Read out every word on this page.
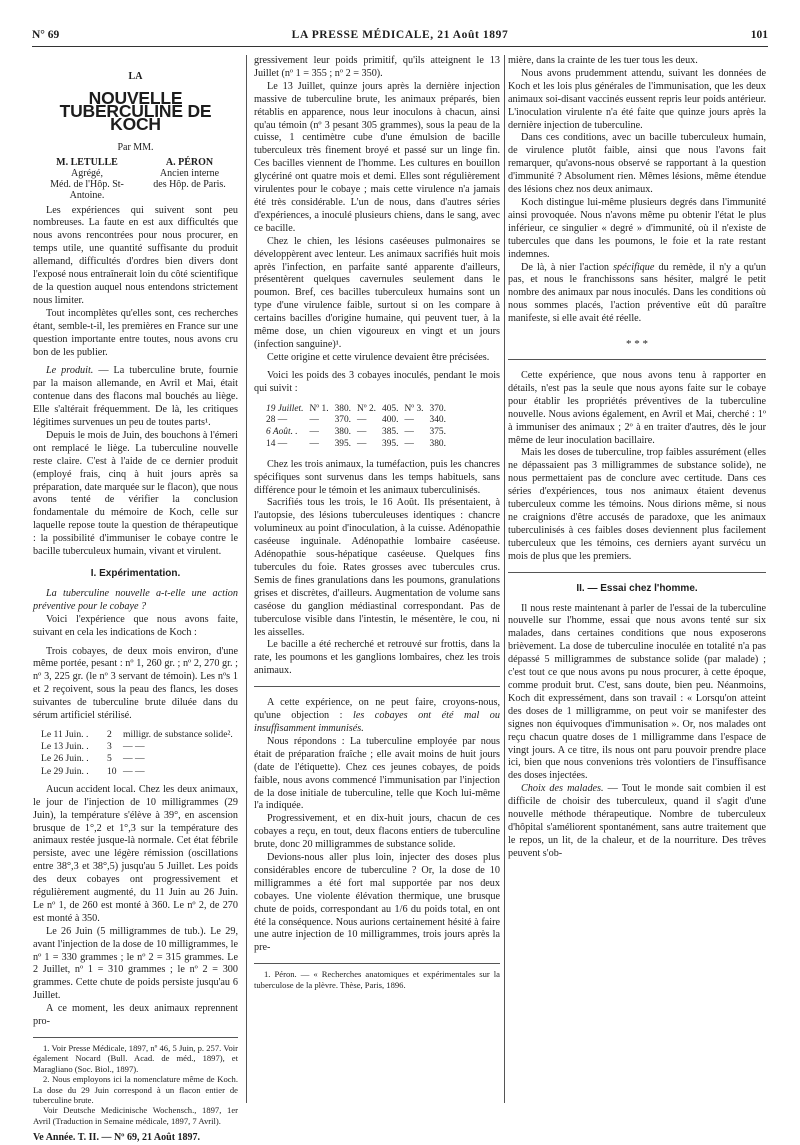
N° 69	LA PRESSE MÉDICALE, 21 Août 1897	101
LA
NOUVELLE TUBERCULINE DE KOCH
Par MM.
M. LETULLE
Agrégé,
Méd. de l'Hôp. St-Antoine.
A. PÉRON
Ancien interne
des Hôp. de Paris.

Les expériences qui suivent sont peu nombreuses. La faute en est aux difficultés que nous avons rencontrées pour nous procurer, en temps utile, une quantité suffisante du produit allemand, difficultés d'ordres bien divers dont l'exposé nous entraînerait loin du côté scientifique de la question auquel nous entendons strictement nous limiter.

Tout incomplètes qu'elles sont, ces recherches étant, semble-t-il, les premières en France sur une question importante entre toutes, nous avons cru bon de les publier.

Le produit. — La tuberculine brute, fournie par la maison allemande, en Avril et Mai, était contenue dans des flacons mal bouchés au liège. Elle s'altérait fréquemment. De là, les critiques légitimes survenues un peu de toutes parts¹.

Depuis le mois de Juin, des bouchons à l'émeri ont remplacé le liège. La tuberculine nouvelle reste claire. C'est à l'aide de ce dernier produit (employé frais, cinq à huit jours après sa préparation, date marquée sur le flacon), que nous avons tenté de vérifier la conclusion fondamentale du mémoire de Koch, celle sur laquelle repose toute la question de thérapeutique : la possibilité d'immuniser le cobaye contre le bacille tuberculeux humain, vivant et virulent.

I. Expérimentation.

La tuberculine nouvelle a-t-elle une action préventive pour le cobaye ?

Voici l'expérience que nous avons faite, suivant en cela les indications de Koch :

Trois cobayes, de deux mois environ, d'une même portée, pesant : nº 1, 260 gr. ; nº 2, 270 gr. ; nº 3, 225 gr. (le nº 3 servant de témoin). Les nºs 1 et 2 reçoivent, sous la peau des flancs, les doses suivantes de tuberculine brute diluée dans du sérum artificiel stérilisé.

Le 11 Juin. . 2 milligr. de substance solide².
Le 13 Juin. . 3 — —
Le 26 Juin. . 5 — —
Le 29 Juin. . 10 — —

Aucun accident local. Chez les deux animaux, le jour de l'injection de 10 milligrammes (29 Juin), la température s'élève à 39°, en ascension brusque de 1°,2 et 1°,3 sur la température des animaux restée jusque-là normale. Cet état fébrile persiste, avec une légère rémission (oscillations entre 38°,3 et 38°,5) jusqu'au 5 Juillet. Les poids des deux cobayes ont progressivement et régulièrement augmenté, du 11 Juin au 26 Juin. Le nº 1, de 260 est monté à 360. Le nº 2, de 270 est monté à 350.

Le 26 Juin (5 milligrammes de tub.). Le 29, avant l'injection de la dose de 10 milligrammes, le nº 1 = 330 grammes ; le nº 2 = 315 grammes. Le 2 Juillet, nº 1 = 310 grammes ; le nº 2 = 300 grammes. Cette chute de poids persiste jusqu'au 6 Juillet.

A ce moment, les deux animaux reprennent pro-

1. Voir Presse Médicale, 1897, nº 46, 5 Juin, p. 257. Voir également Nocard (Bull. Acad. de méd., 1897), et Maragliano (Soc. Biol., 1897).

2. Nous employons ici la nomenclature même de Koch. La dose du 29 Juin correspond à un flacon entier de tuberculine brute.

Voir Deutsche Medicinische Wochensch., 1897, 1er Avril (Traduction in Semaine médicale, 1897, 7 Avril).

Ve Année. T. II. — Nº 69, 21 Août 1897.

gressivement leur poids primitif, qu'ils atteignent le 13 Juillet (nº 1 = 355 ; nº 2 = 350).

Le 13 Juillet, quinze jours après la dernière injection massive de tuberculine brute, les animaux préparés, bien rétablis en apparence, nous leur inoculons à chacun, ainsi qu'au témoin (nº 3 pesant 305 grammes), sous la peau de la cuisse, 1 centimètre cube d'une émulsion de bacille tuberculeux très finement broyé et passé sur un linge fin. Ces bacilles viennent de l'homme. Les cultures en bouillon glycériné ont quatre mois et demi. Elles sont régulièrement virulentes pour le cobaye ; mais cette virulence n'a jamais été très considérable. L'un de nous, dans d'autres séries d'expériences, a inoculé plusieurs chiens, dans le sang, avec ce bacille.

Chez le chien, les lésions caséeuses pulmonaires se développèrent avec lenteur. Les animaux sacrifiés huit mois après l'infection, en parfaite santé apparente d'ailleurs, présentèrent quelques cavernules seulement dans le poumon. Bref, ces bacilles tuberculeux humains sont un type d'une virulence faible, surtout si on les compare à certains bacilles d'origine humaine, qui peuvent tuer, à la même dose, un chien vigoureux en vingt et un jours (infection sanguine)¹.

Cette origine et cette virulence devaient être précisées.

Voici les poids des 3 cobayes inoculés, pendant le mois qui suivit :

19 Juillet.	Nº 1.	380.	Nº 2.	405.	Nº 3.	370.
28 —	—	370.	—	400.	—	340.
6 Août. .	—	380.	—	385.	—	375.
14 —	—	395.	—	395.	—	380.

Chez les trois animaux, la tuméfaction, puis les chancres spécifiques sont survenus dans les temps habituels, sans différence pour le témoin et les animaux tuberculinisés.

Sacrifiés tous les trois, le 16 Août. Ils présentaient, à l'autopsie, des lésions tuberculeuses identiques : chancre volumineux au point d'inoculation, à la cuisse. Adénopathie caséeuse inguinale. Adénopathie lombaire caséeuse. Adénopathie sous-hépatique caséeuse. Quelques fins tubercules du foie. Rates grosses avec tubercules crus. Semis de fines granulations dans les poumons, granulations grises et discrètes, d'ailleurs. Augmentation de volume sans caséose du ganglion médiastinal correspondant. Pas de tuberculose visible dans l'intestin, le mésentère, le cou, ni les aisselles.

Le bacille a été recherché et retrouvé sur frottis, dans la rate, les poumons et les ganglions lombaires, chez les trois animaux.

A cette expérience, on ne peut faire, croyons-nous, qu'une objection : les cobayes ont été mal ou insuffisamment immunisés.

Nous répondons : La tuberculine employée par nous était de préparation fraîche ; elle avait moins de huit jours (date de l'étiquette). Chez ces jeunes cobayes, de poids faible, nous avons commencé l'immunisation par l'injection de la dose initiale de tuberculine, telle que Koch lui-même l'a indiquée.

Progressivement, et en dix-huit jours, chacun de ces cobayes a reçu, en tout, deux flacons entiers de tuberculine brute, donc 20 milligrammes de substance solide.

Devions-nous aller plus loin, injecter des doses plus considérables encore de tuberculine ? Or, la dose de 10 milligrammes a été fort mal supportée par nos deux cobayes. Une violente élévation thermique, une brusque chute de poids, correspondant au 1/6 du poids total, en ont été la conséquence. Nous aurions certainement hésité à faire une autre injection de 10 milligrammes, trois jours après la pre-

1. Péron. — « Recherches anatomiques et expérimentales sur la tuberculose de la plèvre. Thèse, Paris, 1896.

mière, dans la crainte de les tuer tous les deux.

Nous avons prudemment attendu, suivant les données de Koch et les lois plus générales de l'immunisation, que les deux animaux soi-disant vaccinés eussent repris leur poids antérieur. L'inoculation virulente n'a été faite que quinze jours après la dernière injection de tuberculine.

Dans ces conditions, avec un bacille tuberculeux humain, de virulence plutôt faible, ainsi que nous l'avons fait remarquer, qu'avons-nous observé se rapportant à la question d'immunité ? Absolument rien. Mêmes lésions, même étendue des lésions chez nos deux animaux.

Koch distingue lui-même plusieurs degrés dans l'immunité ainsi provoquée. Nous n'avons même pu obtenir l'état le plus inférieur, ce singulier « degré » d'immunité, où il n'existe de tubercules que dans les poumons, le foie et la rate restant indemnes.

De là, à nier l'action spécifique du remède, il n'y a qu'un pas, et nous le franchissons sans hésiter, malgré le petit nombre des animaux par nous inoculés. Dans les conditions où nous sommes placés, l'action préventive eût dû paraître manifeste, si elle avait été réelle.

* * *

Cette expérience, que nous avons tenu à rapporter en détails, n'est pas la seule que nous ayons faite sur le cobaye pour établir les propriétés préventives de la tuberculine nouvelle. Nous avions également, en Avril et Mai, cherché : 1º à immuniser des animaux ; 2º à en traiter d'autres, dès le jour même de leur inoculation bacillaire.

Mais les doses de tuberculine, trop faibles assurément (elles ne dépassaient pas 3 milligrammes de substance solide), ne nous permettaient pas de conclure avec certitude. Dans ces séries d'expériences, tous nos animaux étaient devenus tuberculeux comme les témoins. Nous dirions même, si nous ne craignions d'être accusés de paradoxe, que les animaux tuberculinisés à ces faibles doses deviennent plus facilement tuberculeux que les témoins, ces derniers ayant survécu un mois de plus que les premiers.

II. — Essai chez l'homme.

Il nous reste maintenant à parler de l'essai de la tuberculine nouvelle sur l'homme, essai que nous avons tenté sur six malades, dans certaines conditions que nous exposerons brièvement. La dose de tuberculine inoculée en totalité n'a pas dépassé 5 milligrammes de substance solide (par malade) ; c'est tout ce que nous avons pu nous procurer, à cette époque, comme produit brut. C'est, sans doute, bien peu. Néanmoins, Koch dit expressément, dans son travail : « Lorsqu'on atteint des doses de 1 milligramme, on peut voir se manifester des signes non équivoques d'immunisation ». Or, nos malades ont reçu chacun quatre doses de 1 milligramme dans l'espace de vingt jours. A ce titre, ils nous ont paru pouvoir prendre place ici, bien que nous convenions très volontiers de l'insuffisance des doses injectées.

Choix des malades. — Tout le monde sait combien il est difficile de choisir des tuberculeux, quand il s'agit d'une nouvelle méthode thérapeutique. Nombre de tuberculeux d'hôpital s'améliorent spontanément, sans autre traitement que le repos, un lit, de la chaleur, et de la nourriture. Des trêves peuvent s'ob-
